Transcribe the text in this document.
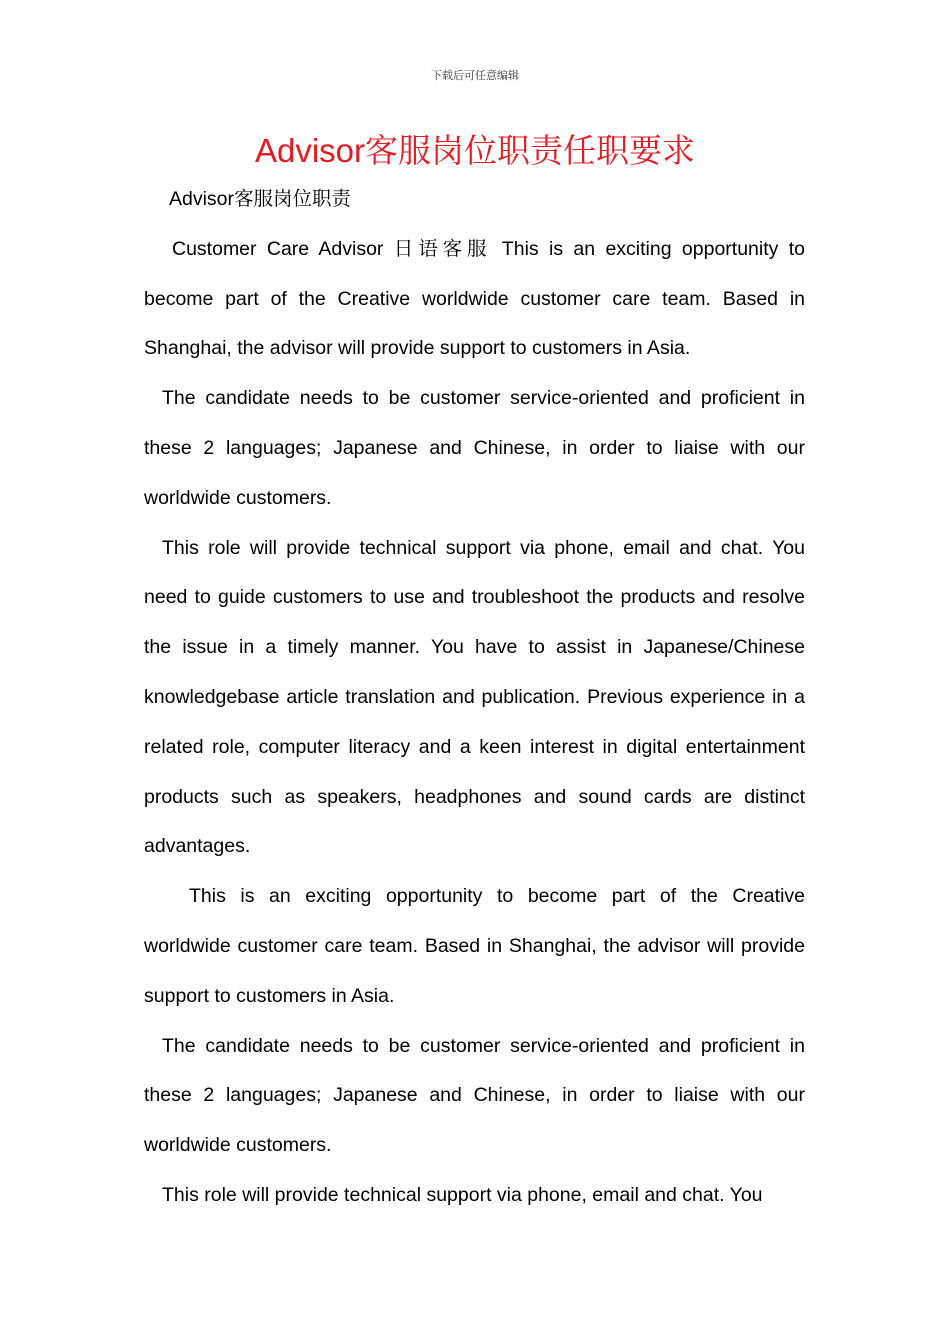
下载后可任意编辑
Advisor客服岗位职责任职要求

Advisor客服岗位职责

Customer Care Advisor 日语客服 This is an exciting opportunity to become part of the Creative worldwide customer care team. Based in Shanghai, the advisor will provide support to customers in Asia.

The candidate needs to be customer service-oriented and proficient in these 2 languages; Japanese and Chinese, in order to liaise with our worldwide customers.

This role will provide technical support via phone, email and chat. You need to guide customers to use and troubleshoot the products and resolve the issue in a timely manner. You have to assist in Japanese/Chinese knowledgebase article translation and publication. Previous experience in a related role, computer literacy and a keen interest in digital entertainment products such as speakers, headphones and sound cards are distinct advantages.

This is an exciting opportunity to become part of the Creative worldwide customer care team. Based in Shanghai, the advisor will provide support to customers in Asia.

The candidate needs to be customer service-oriented and proficient in these 2 languages; Japanese and Chinese, in order to liaise with our worldwide customers.

This role will provide technical support via phone, email and chat. You
